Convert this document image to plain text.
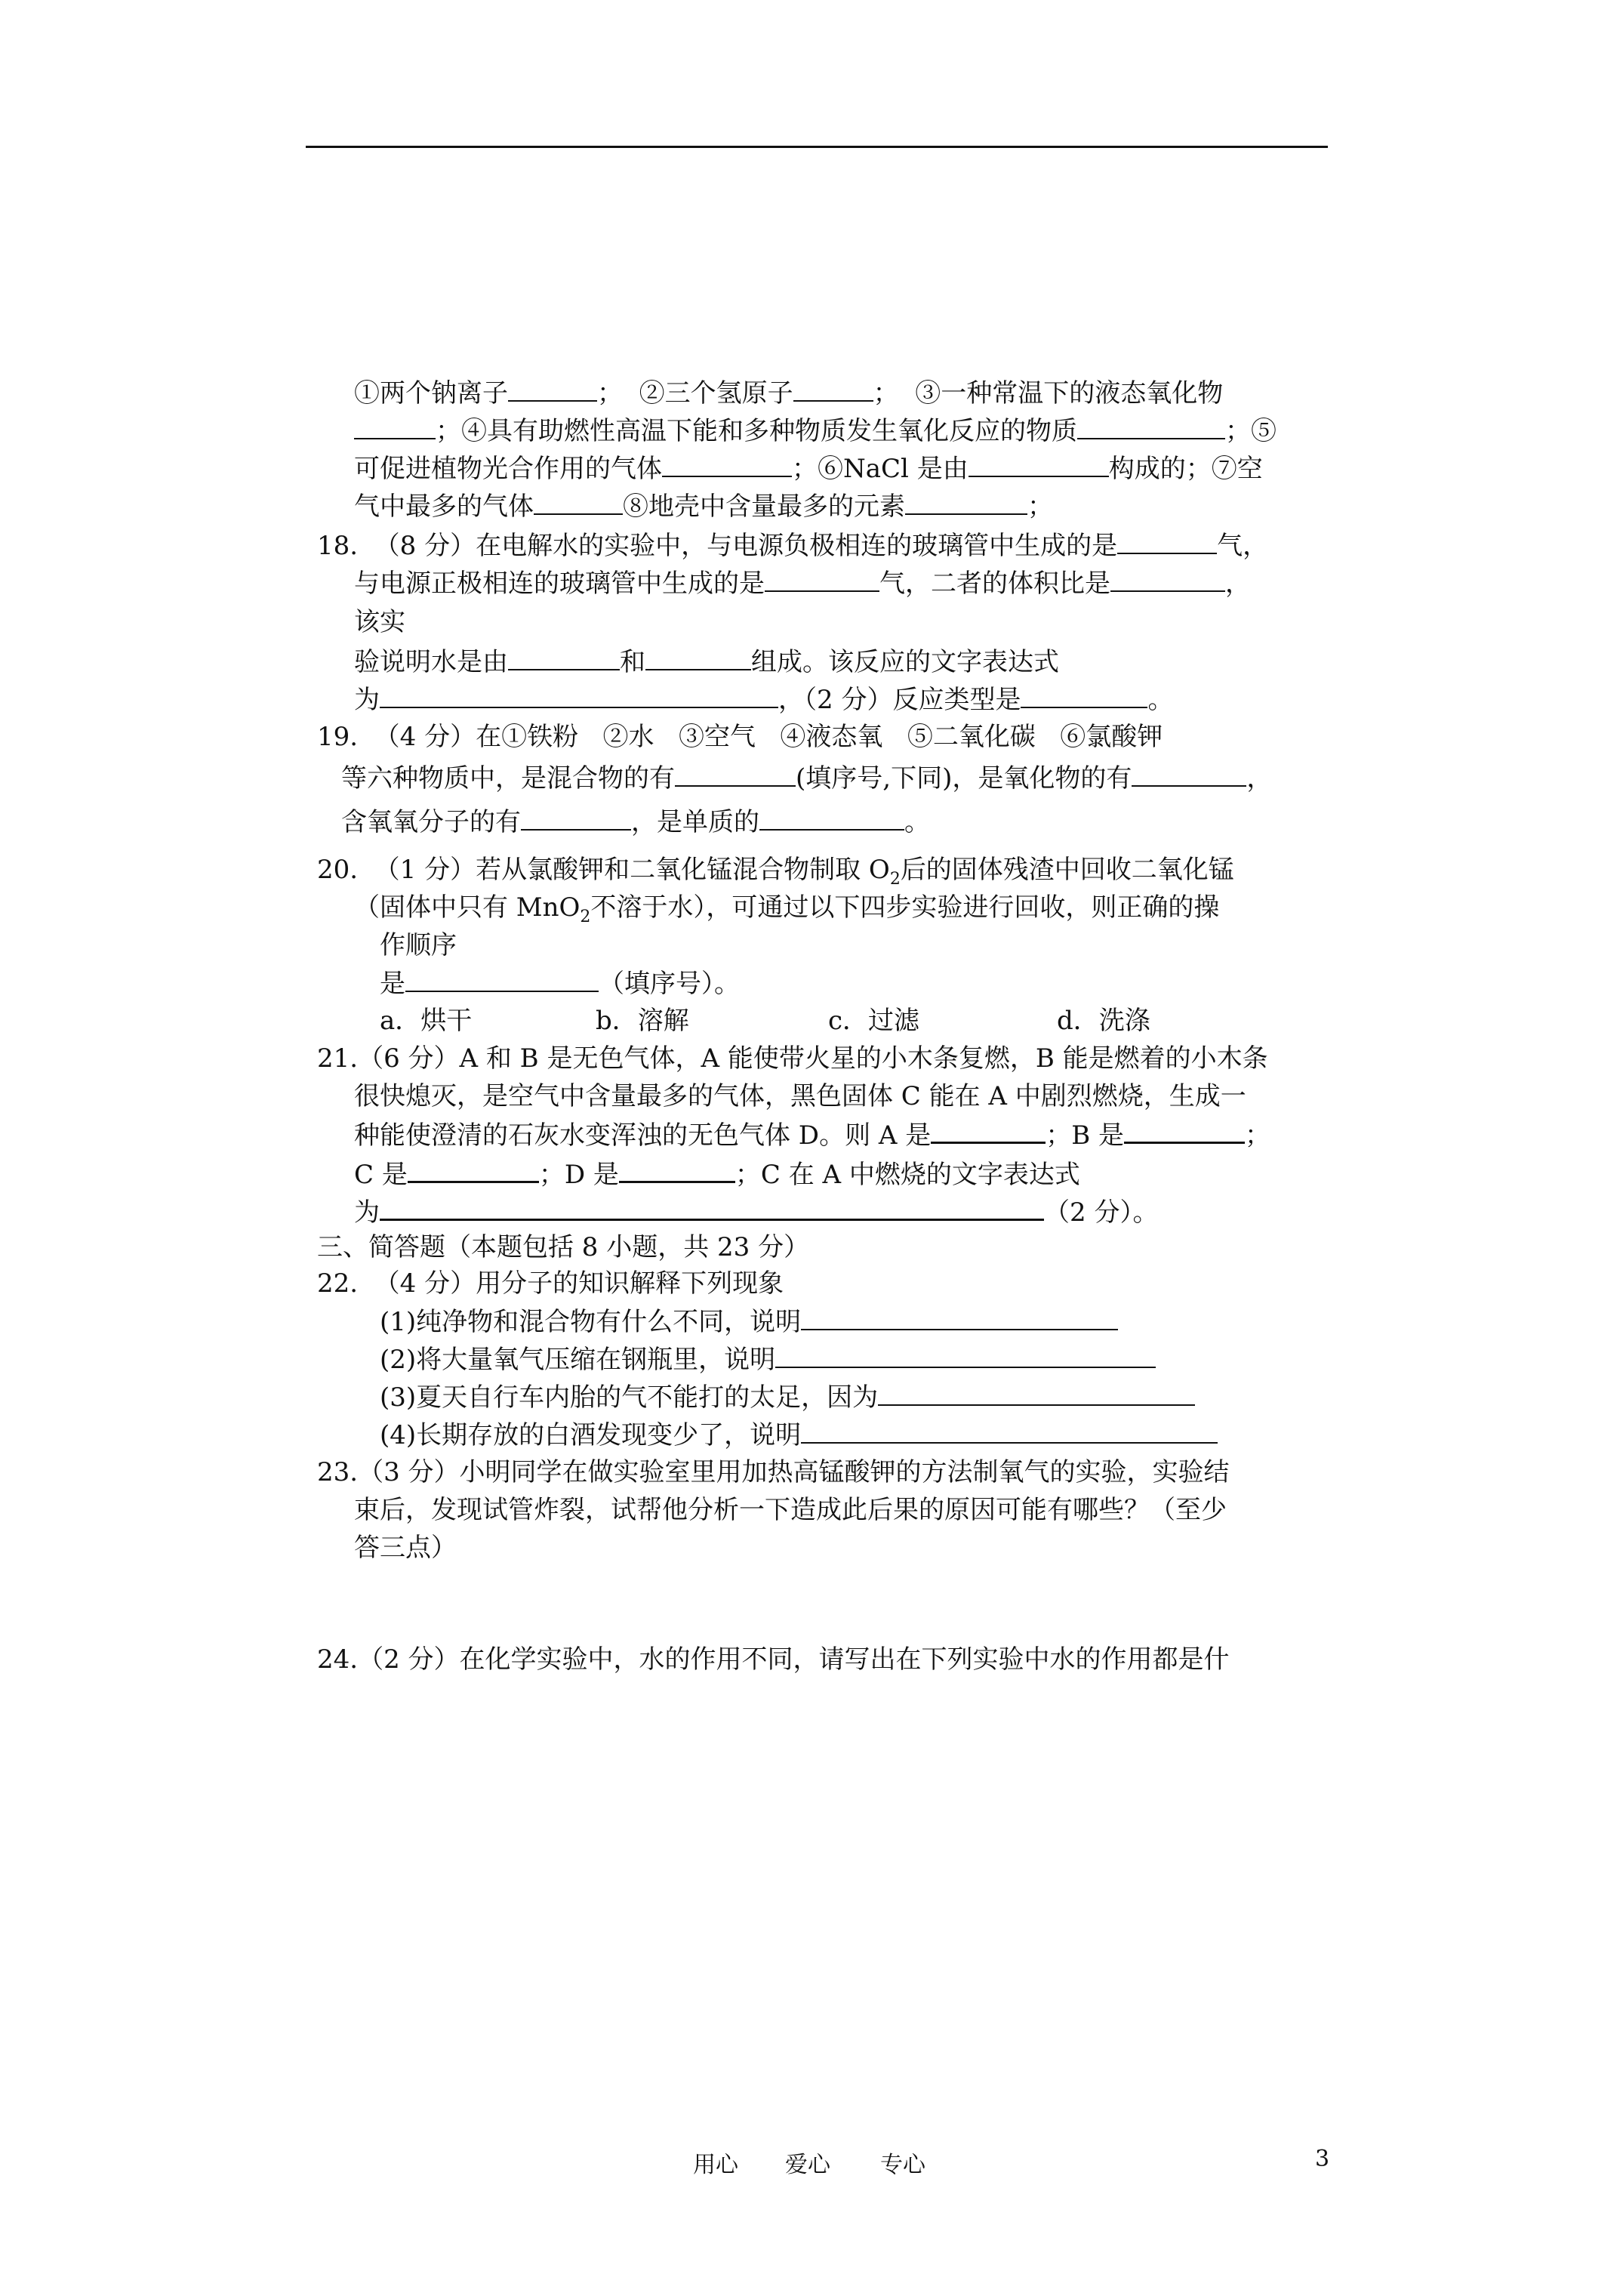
①两个钠离子	；  ②三个氢原子	；  ③一种常温下的液态氧化物
；④具有助燃性高温下能和多种物质发生氧化反应的物质	；⑤
可促进植物光合作用的气体	；⑥NaCl 是由	构成的；⑦空
气中最多的气体	⑧地壳中含量最多的元素	；
18.  （8 分）在电解水的实验中，与电源负极相连的玻璃管中生成的是	气，
与电源正极相连的玻璃管中生成的是	气，二者的体积比是	，
该实
验说明水是由	和	组成。该反应的文字表达式
为	，（2 分）反应类型是	。
19.  （4 分）在①铁粉   ②水   ③空气   ④液态氧   ⑤二氧化碳   ⑥氯酸钾
等六种物质中，是混合物的有	(填序号,下同)，是氧化物的有	，
含氧氧分子的有	，是单质的	。
20.  （1 分）若从氯酸钾和二氧化锰混合物制取 $O_2$后的固体残渣中回收二氧化锰
（固体中只有 MnO$_2$不溶于水），可通过以下四步实验进行回收，则正确的操
作顺序
是	（填序号）。
a．烘干	b．溶解	c．过滤	d．洗涤
21.（6 分）A 和 B 是无色气体，A 能使带火星的小木条复燃，B 能是燃着的小木条
很快熄灭，是空气中含量最多的气体，黑色固体 C 能在 A 中剧烈燃烧，生成一
种能使澄清的石灰水变浑浊的无色气体 D。则 A 是	；B 是	；
C 是	；D 是	；C 在 A 中燃烧的文字表达式
为	（2 分）。
三、简答题（本题包括 8 小题，共 23 分）
22.  （4 分）用分子的知识解释下列现象
(1)纯净物和混合物有什么不同，说明
(2)将大量氧气压缩在钢瓶里，说明
(3)夏天自行车内胎的气不能打的太足，因为
(4)长期存放的白酒发现变少了，说明
23.（3 分）小明同学在做实验室里用加热高锰酸钾的方法制氧气的实验，实验结
束后，发现试管炸裂，试帮他分析一下造成此后果的原因可能有哪些？（至少
答三点）
24.（2 分）在化学实验中，水的作用不同，请写出在下列实验中水的作用都是什
用心 爱心 专心	3
